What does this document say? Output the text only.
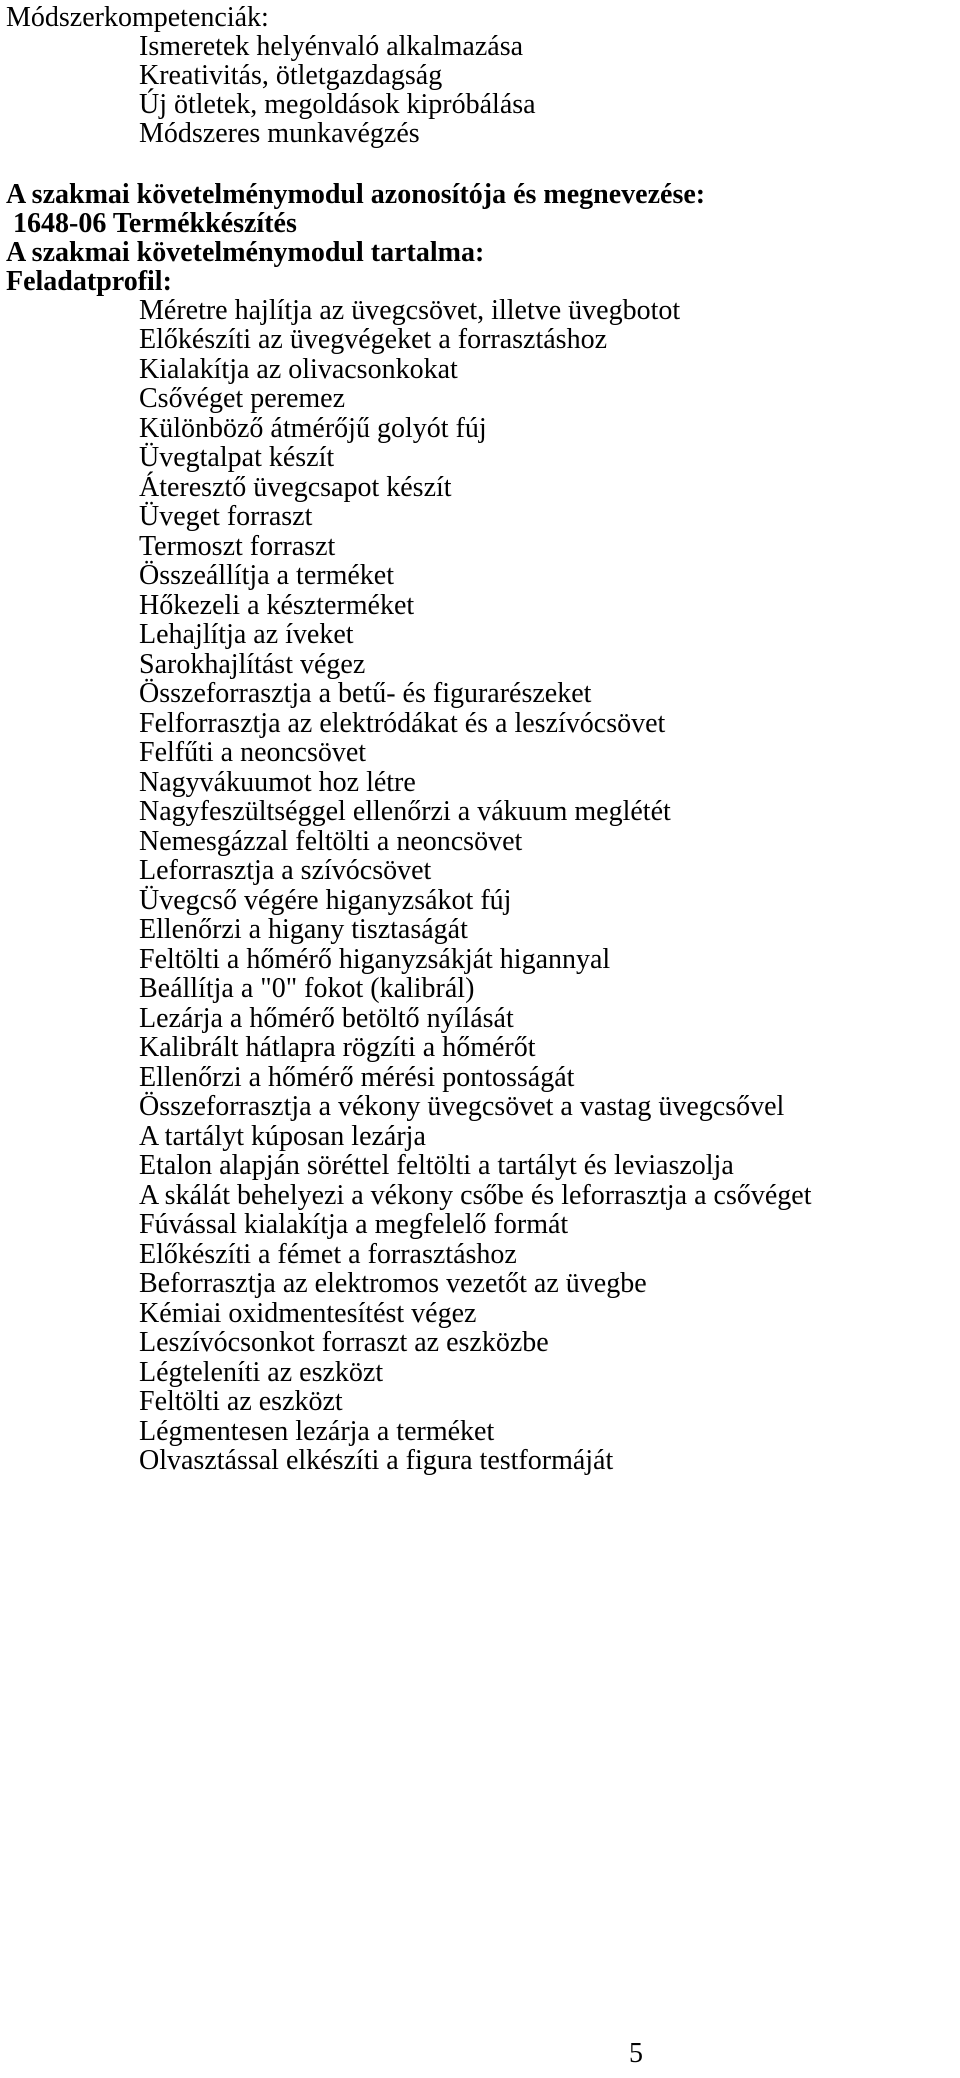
Módszerkompetenciák:
Ismeretek helyénvaló alkalmazása
Kreativitás, ötletgazdagság
Új ötletek, megoldások kipróbálása
Módszeres munkavégzés
A szakmai követelménymodul azonosítója és megnevezése:
1648-06 Termékkészítés
A szakmai követelménymodul tartalma:
Feladatprofil:
Méretre hajlítja az üvegcsövet, illetve üvegbotot
Előkészíti az üvegvégeket a forrasztáshoz
Kialakítja az olivacsonkokat
Csővéget peremez
Különböző átmérőjű golyót fúj
Üvegtalpat készít
Áteresztő üvegcsapot készít
Üveget forraszt
Termoszt forraszt
Összeállítja a terméket
Hőkezeli a készterméket
Lehajlítja az íveket
Sarokhajlítást végez
Összeforrasztja a betű- és figurarészeket
Felforrasztja az elektródákat és a leszívócsövet
Felfűti a neoncsövet
Nagyvákuumot hoz létre
Nagyfeszültséggel ellenőrzi a vákuum meglétét
Nemesgázzal feltölti a neoncsövet
Leforrasztja a szívócsövet
Üvegcső végére higanyzsákot fúj
Ellenőrzi a higany tisztaságát
Feltölti a hőmérő higanyzsákját higannyal
Beállítja a "0" fokot (kalibrál)
Lezárja a hőmérő betöltő nyílását
Kalibrált hátlapra rögzíti a hőmérőt
Ellenőrzi a hőmérő mérési pontosságát
Összeforrasztja a vékony üvegcsövet a vastag üvegcsővel
A tartályt kúposan lezárja
Etalon alapján söréttel feltölti a tartályt és leviaszolja
A skálát behelyezi a vékony csőbe és leforrasztja a csővéget
Fúvással kialakítja a megfelelő formát
Előkészíti a fémet a forrasztáshoz
Beforrasztja az elektromos vezetőt az üvegbe
Kémiai oxidmentesítést végez
Leszívócsonkot forraszt az eszközbe
Légteleníti az eszközt
Feltölti az eszközt
Légmentesen lezárja a terméket
Olvasztással elkészíti a figura testformáját
5
